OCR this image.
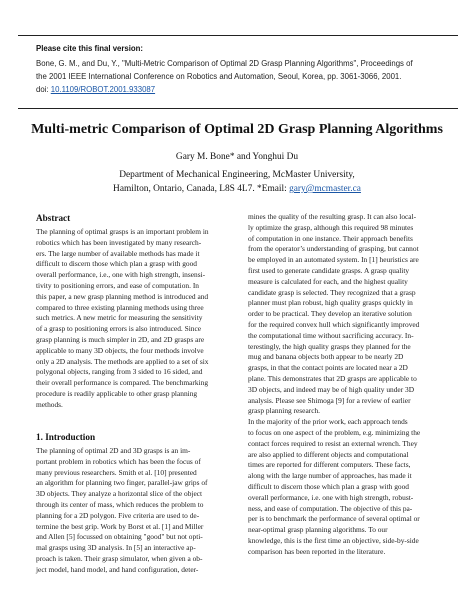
Please cite this final version:
Bone, G. M., and Du, Y., "Multi-Metric Comparison of Optimal 2D Grasp Planning Algorithms", Proceedings of
the 2001 IEEE International Conference on Robotics and Automation, Seoul, Korea, pp. 3061-3066, 2001.
doi: 10.1109/ROBOT.2001.933087
Multi-metric Comparison of Optimal 2D Grasp Planning Algorithms
Gary M. Bone* and Yonghui Du
Department of Mechanical Engineering, McMaster University,
Hamilton, Ontario, Canada, L8S 4L7. *Email: gary@mcmaster.ca
Abstract
The planning of optimal grasps is an important problem in
robotics which has been investigated by many research-
ers. The large number of available methods has made it
difficult to discern those which plan a grasp with good
overall performance, i.e., one with high strength, insensi-
tivity to positioning errors, and ease of computation. In
this paper, a new grasp planning method is introduced and
compared to three existing planning methods using three
such metrics. A new metric for measuring the sensitivity
of a grasp to positioning errors is also introduced. Since
grasp planning is much simpler in 2D, and 2D grasps are
applicable to many 3D objects, the four methods involve
only a 2D analysis. The methods are applied to a set of six
polygonal objects, ranging from 3 sided to 16 sided, and
their overall performance is compared. The benchmarking
procedure is readily applicable to other grasp planning
methods.
1. Introduction
The planning of optimal 2D and 3D grasps is an im-
portant problem in robotics which has been the focus of
many previous researchers. Smith et al. [10] presented
an algorithm for planning two finger, parallel-jaw grips of
3D objects. They analyze a horizontal slice of the object
through its center of mass, which reduces the problem to
planning for a 2D polygon. Five criteria are used to de-
termine the best grip. Work by Borst et al. [1] and Miller
and Allen [5] focussed on obtaining "good" but not opti-
mal grasps using 3D analysis. In [5] an interactive ap-
proach is taken. Their grasp simulator, when given a ob-
ject model, hand model, and hand configuration, deter-
mines the quality of the resulting grasp. It can also local-
ly optimize the grasp, although this required 98 minutes
of computation in one instance. Their approach benefits
from the operator’s understanding of grasping, but cannot
be employed in an automated system. In [1] heuristics are
first used to generate candidate grasps. A grasp quality
measure is calculated for each, and the highest quality
candidate grasp is selected. They recognized that a grasp
planner must plan robust, high quality grasps quickly in
order to be practical. They develop an iterative solution
for the required convex hull which significantly improved
the computational time without sacrificing accuracy. In-
terestingly, the high quality grasps they planned for the
mug and banana objects both appear to be nearly 2D
grasps, in that the contact points are located near a 2D
plane. This demonstrates that 2D grasps are applicable to
3D objects, and indeed may be of high quality under 3D
analysis. Please see Shimoga [9] for a review of earlier
grasp planning research.
In the majority of the prior work, each approach tends
to focus on one aspect of the problem, e.g. minimizing the
contact forces required to resist an external wrench. They
are also applied to different objects and computational
times are reported for different computers. These facts,
along with the large number of approaches, has made it
difficult to discern those which plan a grasp with good
overall performance, i.e. one with high strength, robust-
ness, and ease of computation. The objective of this pa-
per is to benchmark the performance of several optimal or
near-optimal grasp planning algorithms. To our
knowledge, this is the first time an objective, side-by-side
comparison has been reported in the literature.
